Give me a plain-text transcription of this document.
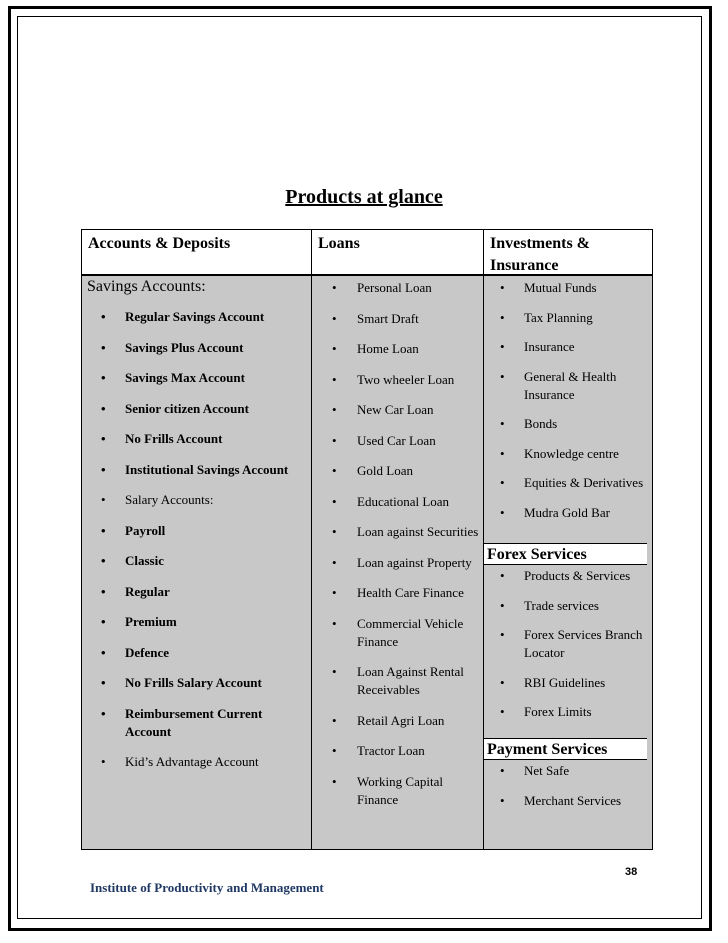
Products at glance
Accounts & Deposits	Loans	Investments & Insurance
Savings Accounts:
• Regular Savings Account
• Savings Plus Account
• Savings Max Account
• Senior citizen Account
• No Frills Account
• Institutional Savings Account
• Salary Accounts:
• Payroll
• Classic
• Regular
• Premium
• Defence
• No Frills Salary Account
• Reimbursement Current Account
• Kid’s Advantage Account
• Personal Loan
• Smart Draft
• Home Loan
• Two wheeler Loan
• New Car Loan
• Used Car Loan
• Gold Loan
• Educational Loan
• Loan against Securities
• Loan against Property
• Health Care Finance
• Commercial Vehicle Finance
• Loan Against Rental Receivables
• Retail Agri Loan
• Tractor Loan
• Working Capital Finance
• Mutual Funds
• Tax Planning
• Insurance
• General & Health Insurance
• Bonds
• Knowledge centre
• Equities & Derivatives
• Mudra Gold Bar
Forex Services
• Products & Services
• Trade services
• Forex Services Branch Locator
• RBI Guidelines
• Forex Limits
Payment Services
• Net Safe
• Merchant Services
38
Institute of Productivity and Management
